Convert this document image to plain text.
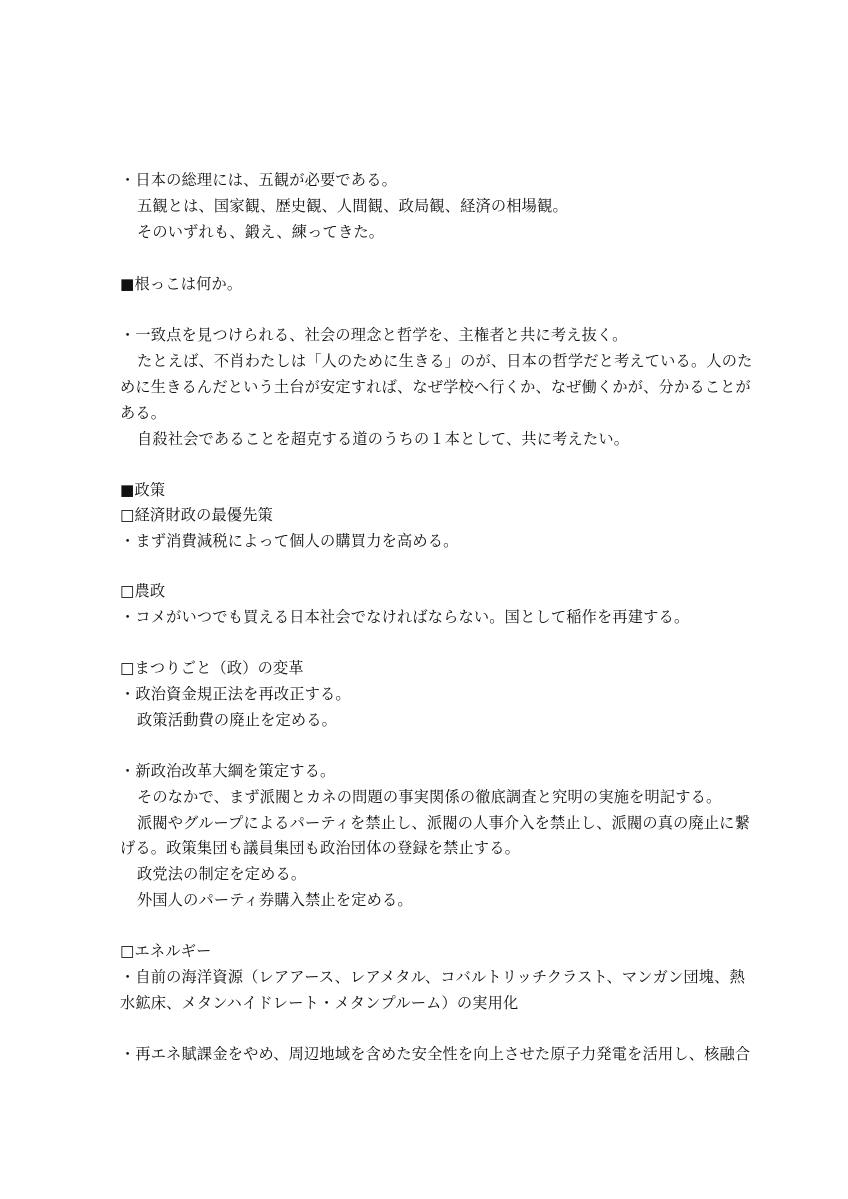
・日本の総理には、五観が必要である。
五観とは、国家観、歴史観、人間観、政局観、経済の相場観。
そのいずれも、鍛え、練ってきた。
■根っこは何か。
・一致点を見つけられる、社会の理念と哲学を、主権者と共に考え抜く。
たとえば、不肖わたしは「人のために生きる」のが、日本の哲学だと考えている。人のた
めに生きるんだという土台が安定すれば、なぜ学校へ行くか、なぜ働くかが、分かることが
ある。
自殺社会であることを超克する道のうちの１本として、共に考えたい。
■政策
□経済財政の最優先策
・まず消費減税によって個人の購買力を高める。
□農政
・コメがいつでも買える日本社会でなければならない。国として稲作を再建する。
□まつりごと（政）の変革
・政治資金規正法を再改正する。
政策活動費の廃止を定める。
・新政治改革大綱を策定する。
そのなかで、まず派閥とカネの問題の事実関係の徹底調査と究明の実施を明記する。
派閥やグループによるパーティを禁止し、派閥の人事介入を禁止し、派閥の真の廃止に繋
げる。政策集団も議員集団も政治団体の登録を禁止する。
政党法の制定を定める。
外国人のパーティ券購入禁止を定める。
□エネルギー
・自前の海洋資源（レアアース、レアメタル、コバルトリッチクラスト、マンガン団塊、熱
水鉱床、メタンハイドレート・メタンプルーム）の実用化
・再エネ賦課金をやめ、周辺地域を含めた安全性を向上させた原子力発電を活用し、核融合
